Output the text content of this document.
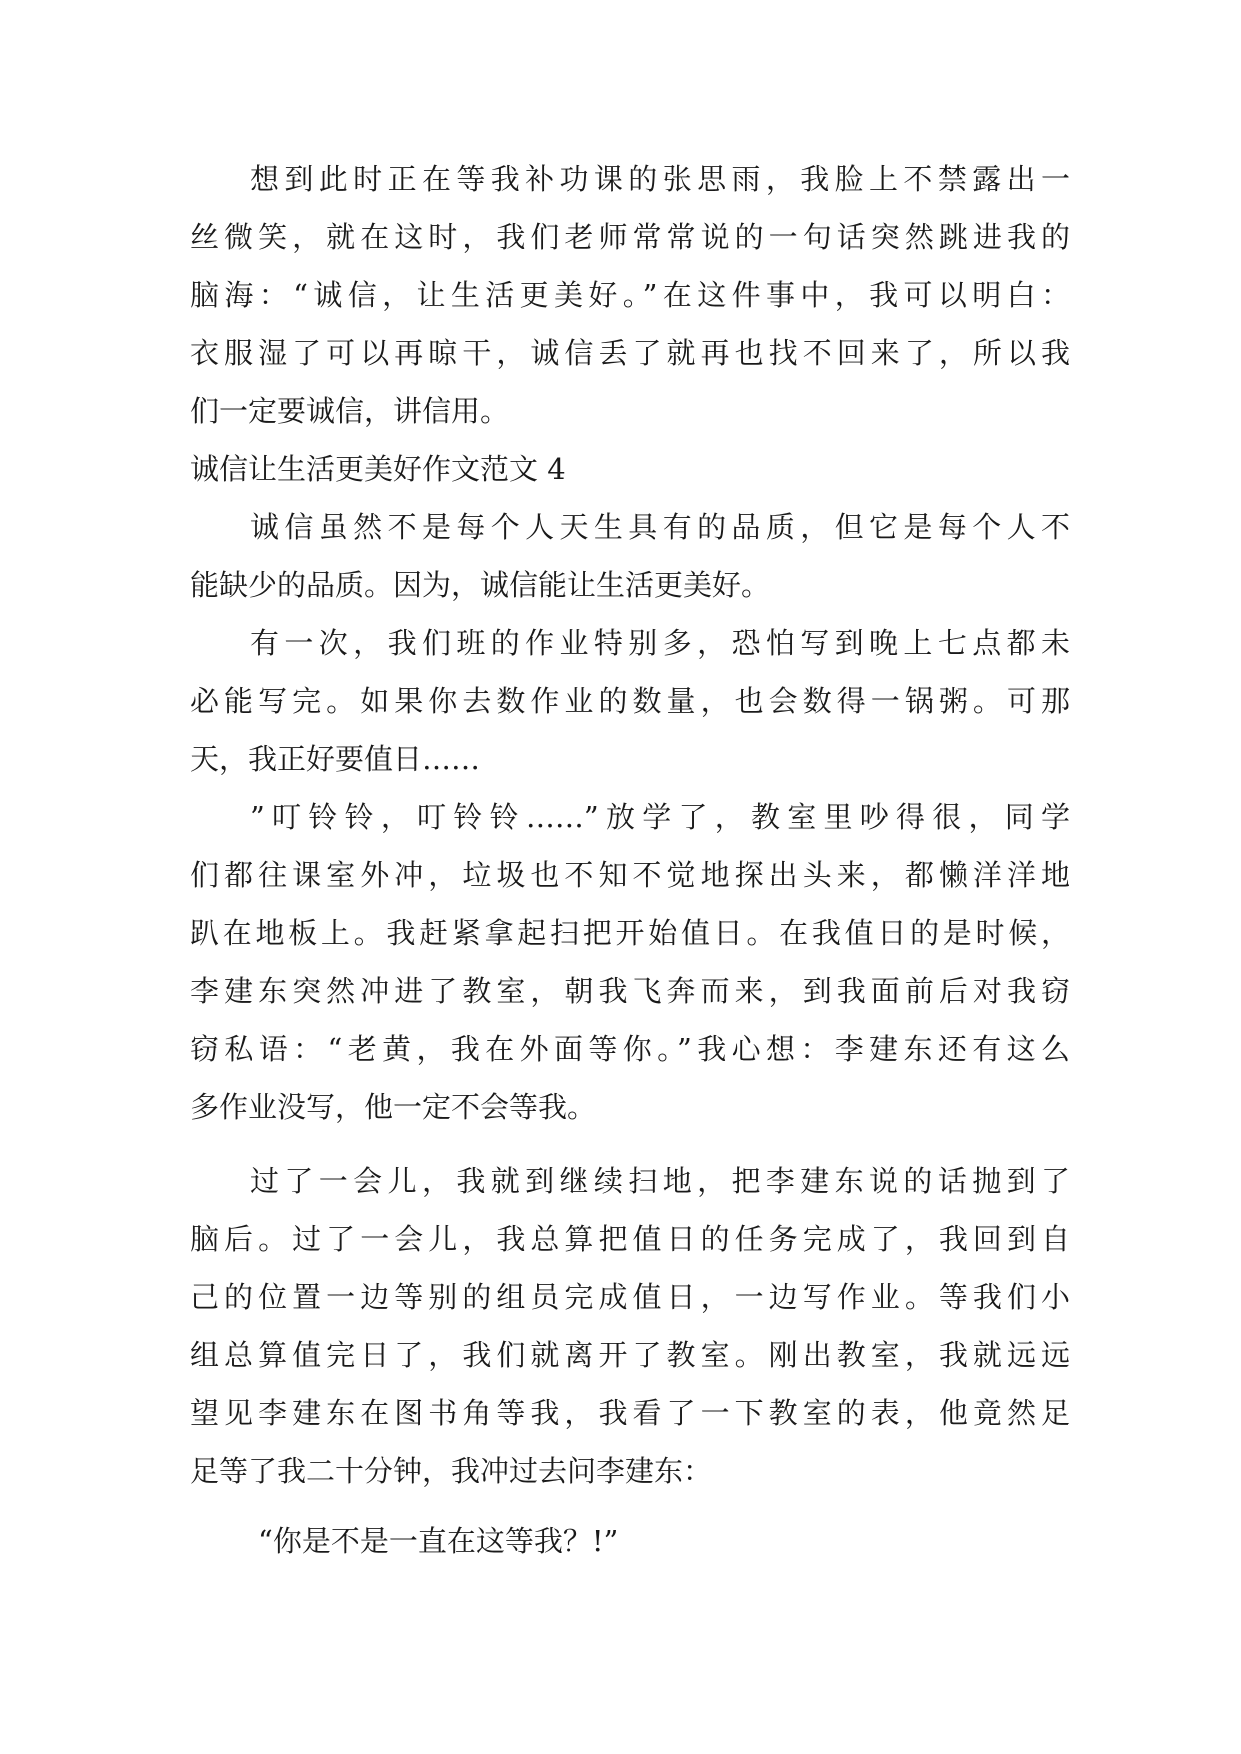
想到此时正在等我补功课的张思雨，我脸上不禁露出一
丝微笑，就在这时，我们老师常常说的一句话突然跳进我的
脑海：“诚信，让生活更美好。”在这件事中，我可以明白：
衣服湿了可以再晾干，诚信丢了就再也找不回来了，所以我
们一定要诚信，讲信用。
诚信让生活更美好作文范文 4
诚信虽然不是每个人天生具有的品质，但它是每个人不
能缺少的品质。因为，诚信能让生活更美好。
有一次，我们班的作业特别多，恐怕写到晚上七点都未
必能写完。如果你去数作业的数量，也会数得一锅粥。可那
天，我正好要值日……
”叮铃铃，叮铃铃……”放学了，教室里吵得很，同学
们都往课室外冲，垃圾也不知不觉地探出头来，都懒洋洋地
趴在地板上。我赶紧拿起扫把开始值日。在我值日的是时候，
李建东突然冲进了教室，朝我飞奔而来，到我面前后对我窃
窃私语：“老黄，我在外面等你。”我心想：李建东还有这么
多作业没写，他一定不会等我。
过了一会儿，我就到继续扫地，把李建东说的话抛到了
脑后。过了一会儿，我总算把值日的任务完成了，我回到自
己的位置一边等别的组员完成值日，一边写作业。等我们小
组总算值完日了，我们就离开了教室。刚出教室，我就远远
望见李建东在图书角等我，我看了一下教室的表，他竟然足
足等了我二十分钟，我冲过去问李建东：
“你是不是一直在这等我？!”
